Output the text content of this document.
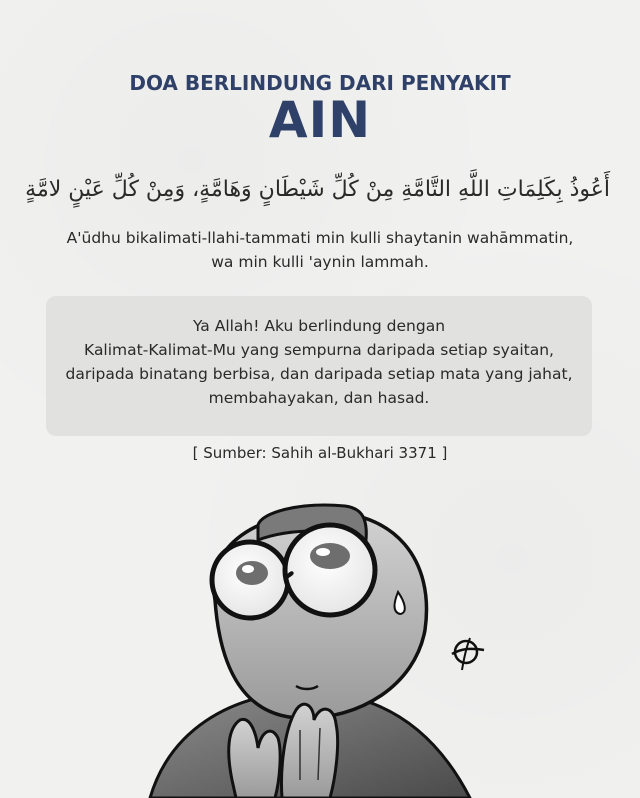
DOA BERLINDUNG DARI PENYAKIT
AIN
أَعُوذُ بِكَلِمَاتِ اللَّهِ التَّامَّةِ مِنْ كُلِّ شَيْطَانٍ وَهَامَّةٍ، وَمِنْ كُلِّ عَيْنٍ لامَّةٍ
A'ūdhu bikalimati-llahi-tammati min kulli shaytanin wahāmmatin,
wa min kulli 'aynin lammah.
Ya Allah! Aku berlindung dengan
Kalimat-Kalimat-Mu yang sempurna daripada setiap syaitan,
daripada binatang berbisa, dan daripada setiap mata yang jahat,
membahayakan, dan hasad.
[ Sumber: Sahih al-Bukhari 3371 ]
